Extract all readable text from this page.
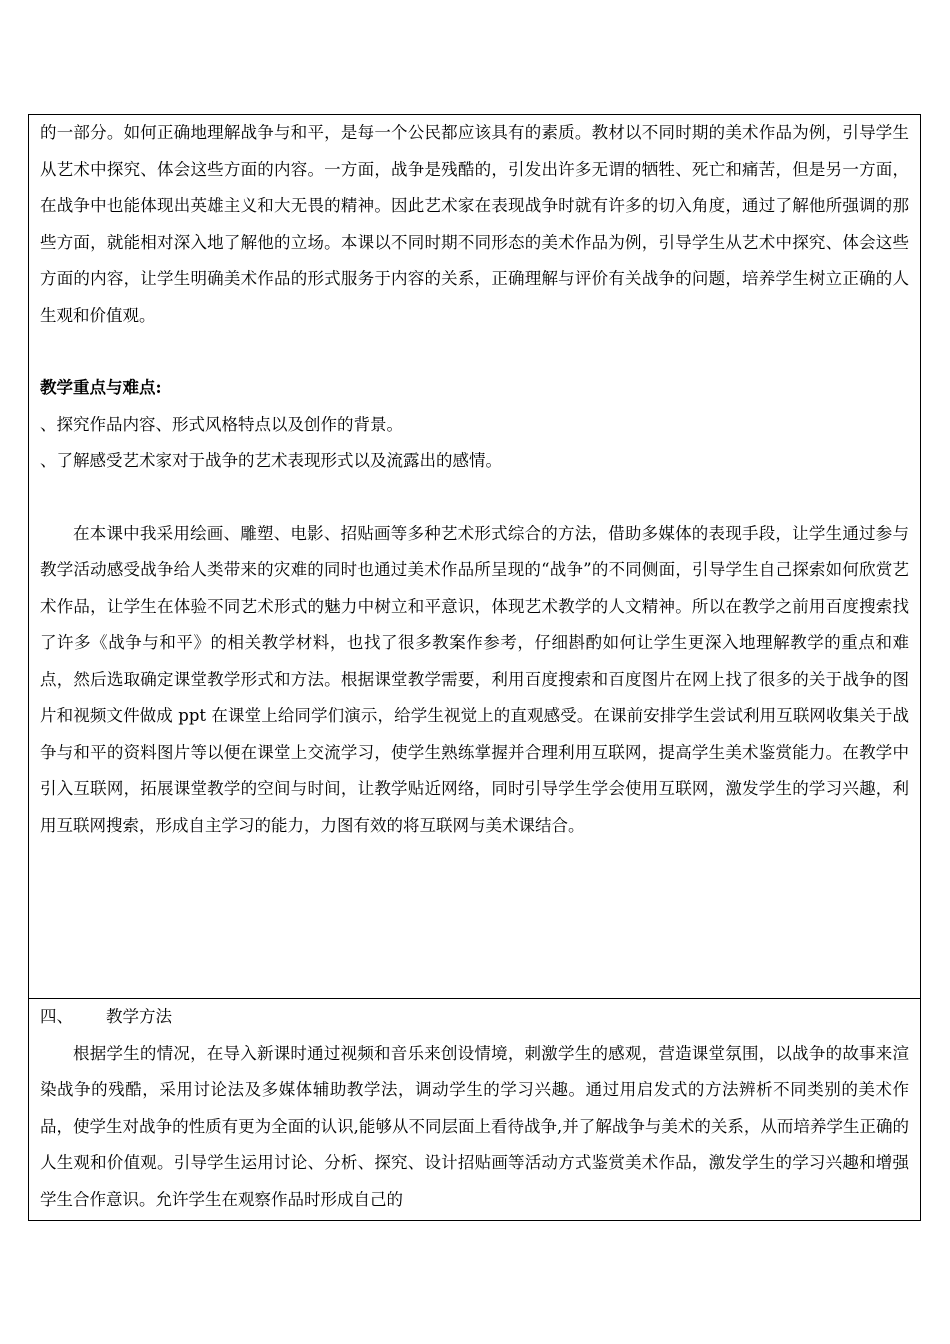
的一部分。如何正确地理解战争与和平，是每一个公民都应该具有的素质。教材以不同时期的美术作品为例，引导学生从艺术中探究、体会这些方面的内容。一方面，战争是残酷的，引发出许多无谓的牺牲、死亡和痛苦，但是另一方面，在战争中也能体现出英雄主义和大无畏的精神。因此艺术家在表现战争时就有许多的切入角度，通过了解他所强调的那些方面，就能相对深入地了解他的立场。本课以不同时期不同形态的美术作品为例，引导学生从艺术中探究、体会这些方面的内容，让学生明确美术作品的形式服务于内容的关系，正确理解与评价有关战争的问题，培养学生树立正确的人生观和价值观。

教学重点与难点:

、探究作品内容、形式风格特点以及创作的背景。

、了解感受艺术家对于战争的艺术表现形式以及流露出的感情。

在本课中我采用绘画、雕塑、电影、招贴画等多种艺术形式综合的方法，借助多媒体的表现手段，让学生通过参与教学活动感受战争给人类带来的灾难的同时也通过美术作品所呈现的“战争”的不同侧面，引导学生自己探索如何欣赏艺术作品，让学生在体验不同艺术形式的魅力中树立和平意识，体现艺术教学的人文精神。所以在教学之前用百度搜索找了许多《战争与和平》的相关教学材料，也找了很多教案作参考，仔细斟酌如何让学生更深入地理解教学的重点和难点，然后选取确定课堂教学形式和方法。根据课堂教学需要，利用百度搜索和百度图片在网上找了很多的关于战争的图片和视频文件做成 ppt 在课堂上给同学们演示，给学生视觉上的直观感受。在课前安排学生尝试利用互联网收集关于战争与和平的资料图片等以便在课堂上交流学习，使学生熟练掌握并合理利用互联网，提高学生美术鉴赏能力。在教学中引入互联网，拓展课堂教学的空间与时间，让教学贴近网络，同时引导学生学会使用互联网，激发学生的学习兴趣，利用互联网搜索，形成自主学习的能力，力图有效的将互联网与美术课结合。

四、	教学方法

根据学生的情况，在导入新课时通过视频和音乐来创设情境，刺激学生的感观，营造课堂氛围，以战争的故事来渲染战争的残酷，采用讨论法及多媒体辅助教学法，调动学生的学习兴趣。通过用启发式的方法辨析不同类别的美术作品，使学生对战争的性质有更为全面的认识,能够从不同层面上看待战争,并了解战争与美术的关系，从而培养学生正确的人生观和价值观。引导学生运用讨论、分析、探究、设计招贴画等活动方式鉴赏美术作品，激发学生的学习兴趣和增强学生合作意识。允许学生在观察作品时形成自己的
